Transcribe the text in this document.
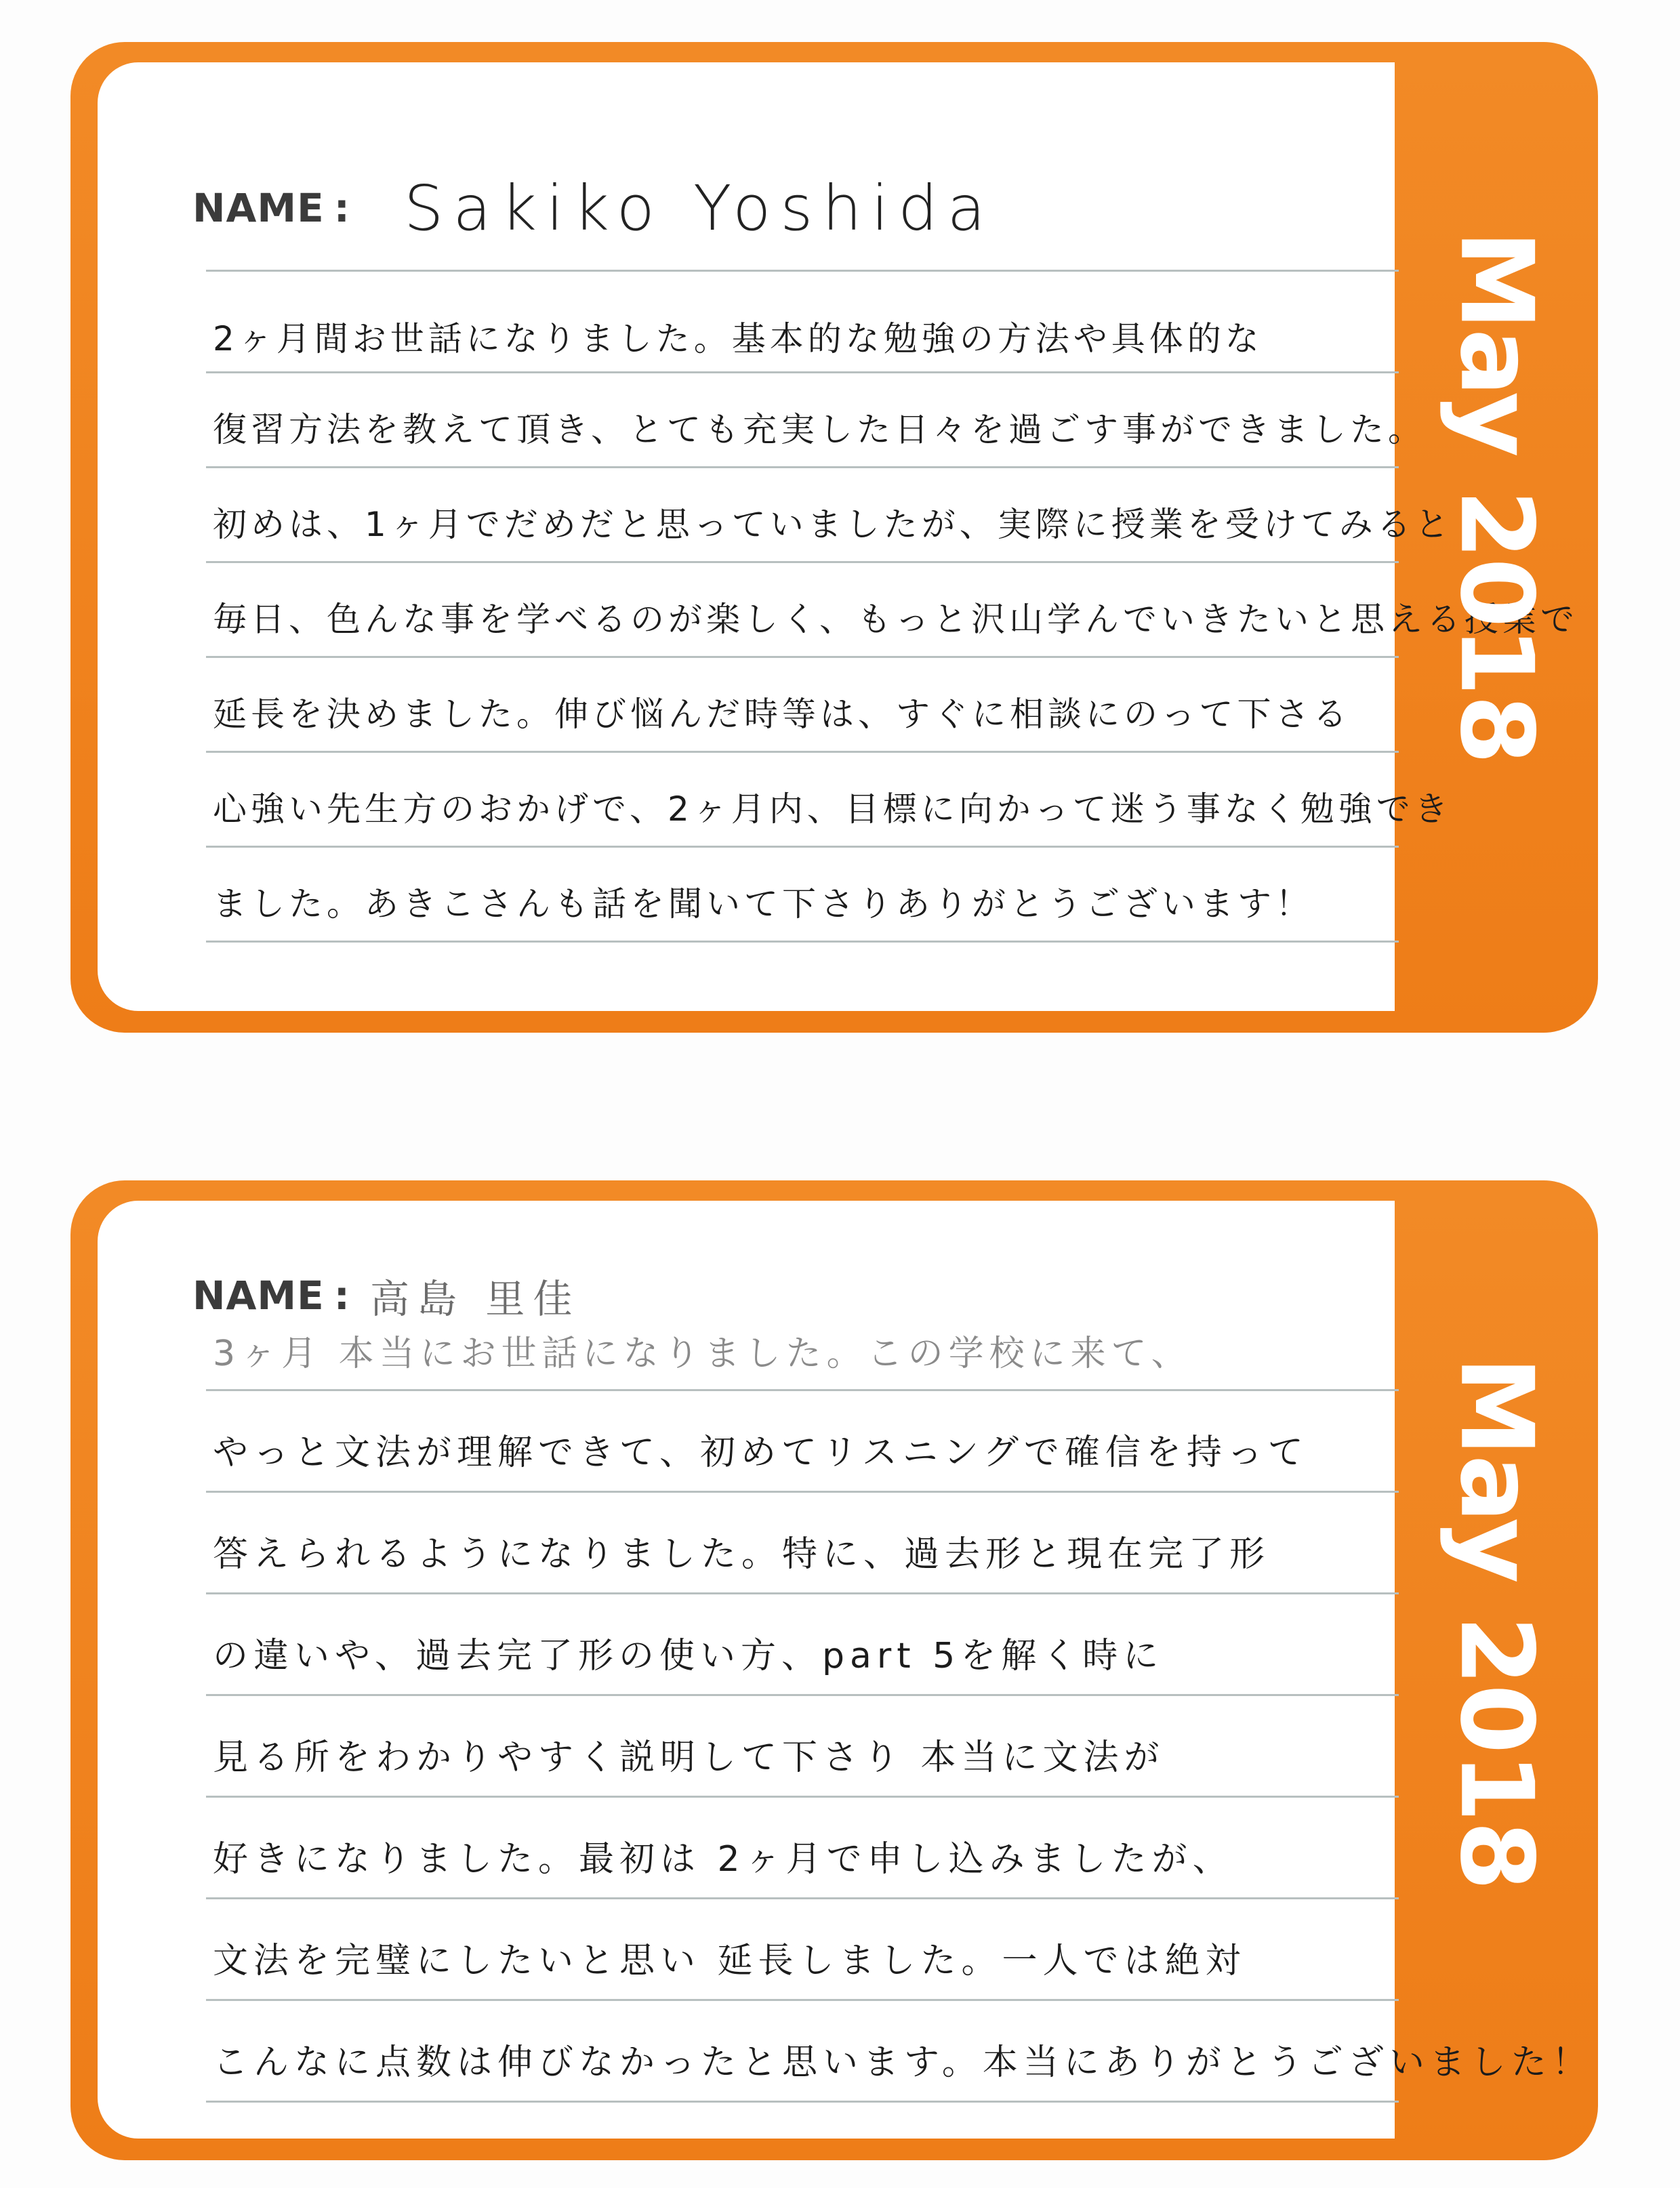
NAME : Sakiko Yoshida
2ヶ月間お世話になりました。基本的な勉強の方法や具体的な
復習方法を教えて頂き、とても充実した日々を過ごす事ができました。
初めは、1ヶ月でだめだと思っていましたが、実際に授業を受けてみると
毎日、色んな事を学べるのが楽しく、もっと沢山学んでいきたいと思える授業で
延長を決めました。伸び悩んだ時等は、すぐに相談にのって下さる
心強い先生方のおかげで、2ヶ月内、目標に向かって迷う事なく勉強でき
ました。あきこさんも話を聞いて下さりありがとうございます！
May 2018
NAME : 高島 里佳
3ヶ月 本当にお世話になりました。この学校に来て、
やっと文法が理解できて、初めてリスニングで確信を持って
答えられるようになりました。特に、過去形と現在完了形
の違いや、過去完了形の使い方、part 5を解く時に
見る所をわかりやすく説明して下さり 本当に文法が
好きになりました。最初は 2ヶ月で申し込みましたが、
文法を完璧にしたいと思い 延長しました。一人では絶対
こんなに点数は伸びなかったと思います。本当にありがとうございました！
May 2018
